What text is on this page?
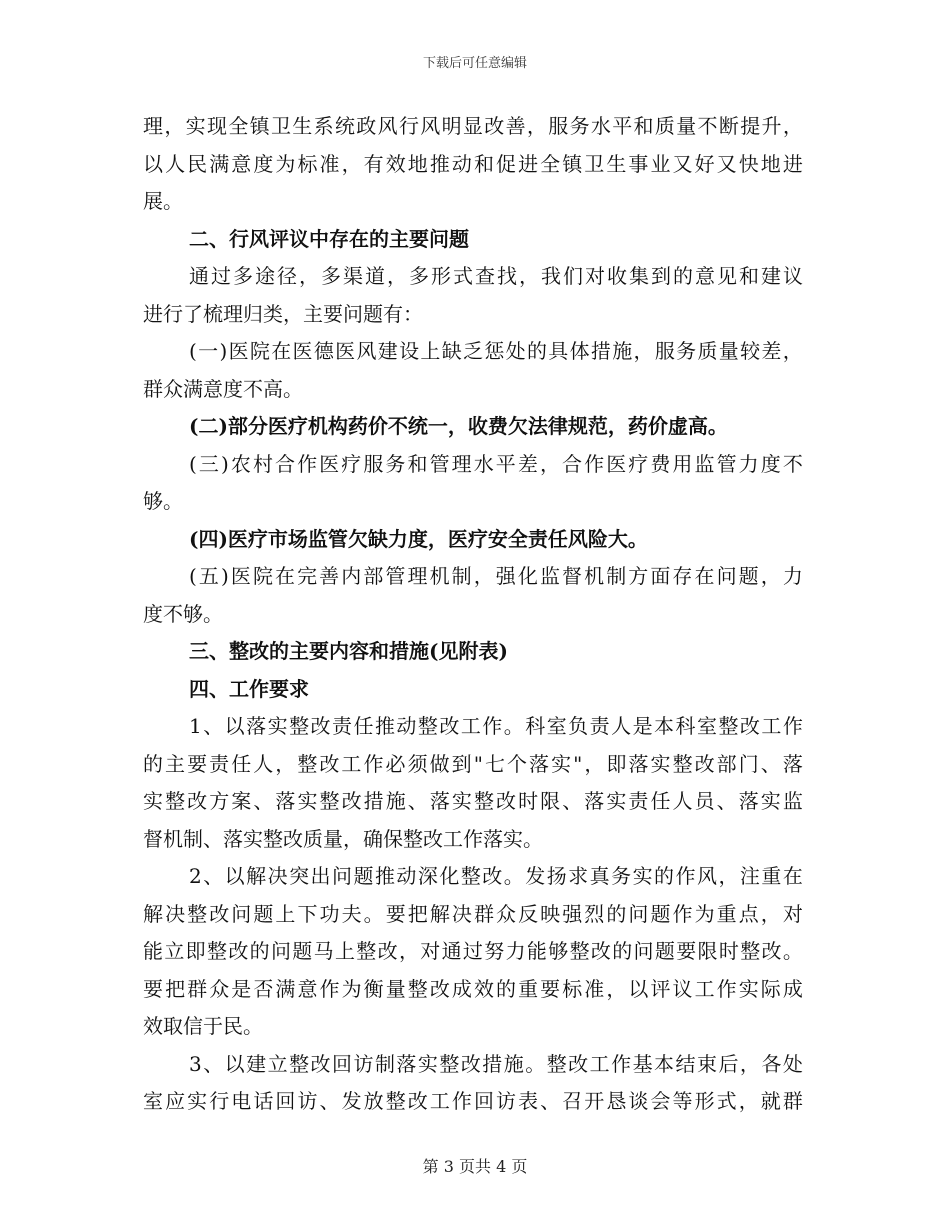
下载后可任意编辑
理 ， 实 现 全 镇 卫 生 系 统 政 风 行 风 明 显 改 善 ， 服 务 水 平 和 质 量 不 断 提 升 ，
以 人 民 满 意 度 为 标 准 ， 有 效 地 推 动 和 促 进 全 镇 卫 生 事 业 又 好 又 快 地 进
展。
二、行风评议中存在的主要问题
通 过 多 途 径 ， 多 渠 道 ， 多 形 式 查 找 ， 我 们 对 收 集 到 的 意 见 和 建 议
进行了梳理归类，主要问题有：
( 一 ) 医 院 在 医 德 医 风 建 设 上 缺 乏 惩 处 的 具 体 措 施 ， 服 务 质 量 较 差 ，
群众满意度不高。
(二)部分医疗机构药价不统一，收费欠法律规范，药价虚高。
( 三 ) 农 村 合 作 医 疗 服 务 和 管 理 水 平 差 ， 合 作 医 疗 费 用 监 管 力 度 不
够。
(四)医疗市场监管欠缺力度，医疗安全责任风险大。
( 五 ) 医 院 在 完 善 内 部 管 理 机 制 ， 强 化 监 督 机 制 方 面 存 在 问 题 ， 力
度不够。
三、整改的主要内容和措施(见附表)
四、工作要求
1 、 以 落 实 整 改 责 任 推 动 整 改 工 作 。 科 室 负 责 人 是 本 科 室 整 改 工 作
的 主 要 责 任 人 ， 整 改 工 作 必 须 做 到 " 七 个 落 实 " ， 即 落 实 整 改 部 门 、 落
实 整 改 方 案 、 落 实 整 改 措 施 、 落 实 整 改 时 限 、 落 实 责 任 人 员 、 落 实 监
督机制、落实整改质量，确保整改工作落实。
2 、 以 解 决 突 出 问 题 推 动 深 化 整 改 。 发 扬 求 真 务 实 的 作 风 ， 注 重 在
解 决 整 改 问 题 上 下 功 夫 。 要 把 解 决 群 众 反 映 强 烈 的 问 题 作 为 重 点 ， 对
能 立 即 整 改 的 问 题 马 上 整 改 ， 对 通 过 努 力 能 够 整 改 的 问 题 要 限 时 整 改 。
要 把 群 众 是 否 满 意 作 为 衡 量 整 改 成 效 的 重 要 标 准 ， 以 评 议 工 作 实 际 成
效取信于民。
3 、 以 建 立 整 改 回 访 制 落 实 整 改 措 施 。 整 改 工 作 基 本 结 束 后 ， 各 处
室 应 实 行 电 话 回 访 、 发 放 整 改 工 作 回 访 表 、 召 开 恳 谈 会 等 形 式 ， 就 群
第 3 页共 4 页
